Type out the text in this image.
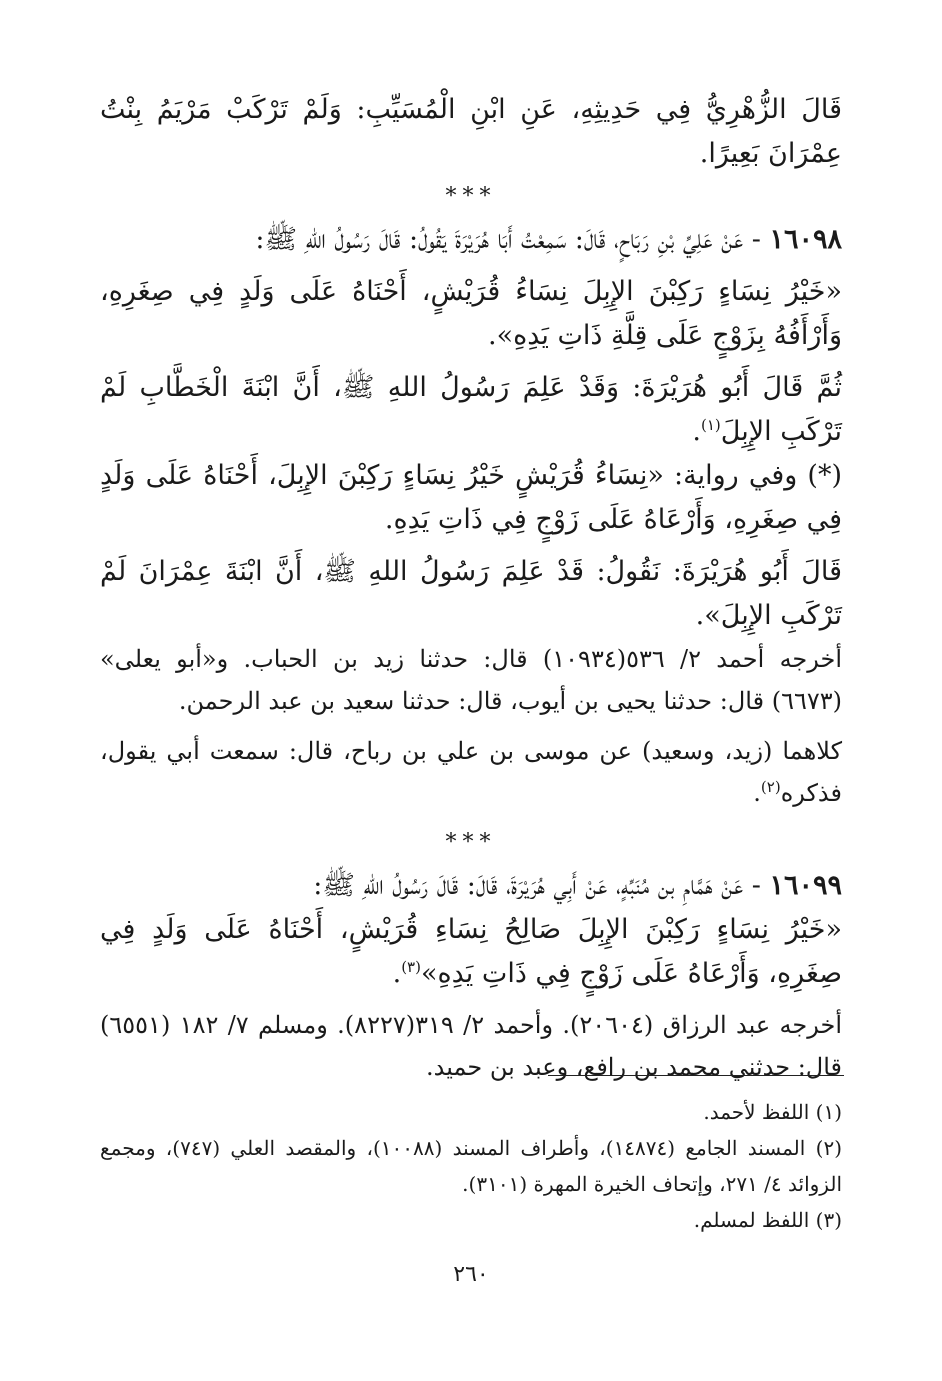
قَالَ الزُّهْرِيُّ فِي حَدِيثِهِ، عَنِ ابْنِ الْمُسَيِّبِ: وَلَمْ تَرْكَبْ مَرْيَمُ بِنْتُ عِمْرَانَ بَعِيرًا.

***

١٦٠٩٨ - عَنْ عَلِيِّ بْنِ رَبَاحٍ، قَالَ: سَمِعْتُ أَبَا هُرَيْرَةَ يَقُولُ: قَالَ رَسُولُ اللهِ ﷺ:

«خَيْرُ نِسَاءٍ رَكِبْنَ الإِبِلَ نِسَاءُ قُرَيْشٍ، أَحْنَاهُ عَلَى وَلَدٍ فِي صِغَرِهِ، وَأَرْأَفُهُ بِزَوْجٍ عَلَى قِلَّةِ ذَاتِ يَدِهِ».

ثُمَّ قَالَ أَبُو هُرَيْرَةَ: وَقَدْ عَلِمَ رَسُولُ اللهِ ﷺ، أَنَّ ابْنَةَ الْخَطَّابِ لَمْ تَرْكَبِ الإِبِلَ$^{(١)}$.

(*) وفي رواية: «نِسَاءُ قُرَيْشٍ خَيْرُ نِسَاءٍ رَكِبْنَ الإِبِلَ، أَحْنَاهُ عَلَى وَلَدٍ فِي صِغَرِهِ، وَأَرْعَاهُ عَلَى زَوْجٍ فِي ذَاتِ يَدِهِ.

قَالَ أَبُو هُرَيْرَةَ: نَقُولُ: قَدْ عَلِمَ رَسُولُ اللهِ ﷺ، أَنَّ ابْنَةَ عِمْرَانَ لَمْ تَرْكَبِ الإِبِلَ».

أخرجه أحمد ٢/ ٥٣٦(١٠٩٣٤) قال: حدثنا زيد بن الحباب. و«أبو يعلى» (٦٦٧٣) قال: حدثنا يحيى بن أيوب، قال: حدثنا سعيد بن عبد الرحمن.

كلاهما (زيد، وسعيد) عن موسى بن علي بن رباح، قال: سمعت أبي يقول، فذكره$^{(٢)}$.

***

١٦٠٩٩ - عَنْ هَمَّامِ بن مُنَبِّهٍ، عَنْ أَبِي هُرَيْرَةَ، قَالَ: قَالَ رَسُولُ اللهِ ﷺ:

«خَيْرُ نِسَاءٍ رَكِبْنَ الإِبِلَ صَالِحُ نِسَاءِ قُرَيْشٍ، أَحْنَاهُ عَلَى وَلَدٍ فِي صِغَرِهِ، وَأَرْعَاهُ عَلَى زَوْجٍ فِي ذَاتِ يَدِهِ»$^{(٣)}$.

أخرجه عبد الرزاق (٢٠٦٠٤). وأحمد ٢/ ٣١٩(٨٢٢٧). ومسلم ٧/ ١٨٢ (٦٥٥١) قال: حدثني محمد بن رافع، وعبد بن حميد.

(١) اللفظ لأحمد.

(٢) المسند الجامع (١٤٨٧٤)، وأطراف المسند (١٠٠٨٨)، والمقصد العلي (٧٤٧)، ومجمع الزوائد ٤/ ٢٧١، وإتحاف الخيرة المهرة (٣١٠١).

(٣) اللفظ لمسلم.

٢٦٠
